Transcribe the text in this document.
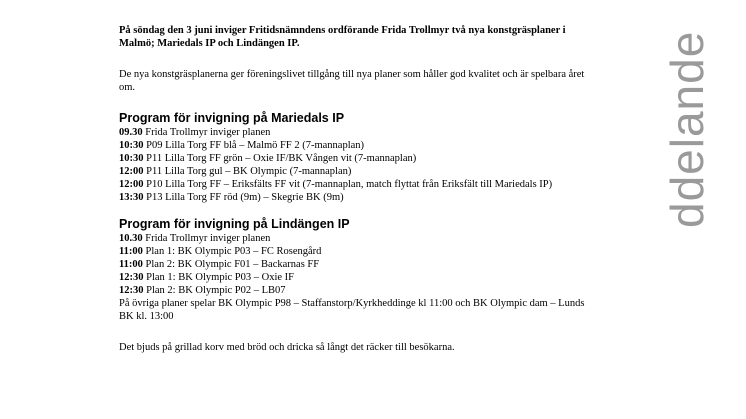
ddelande

På söndag den 3 juni inviger Fritidsnämndens ordförande Frida Trollmyr två nya konstgräsplaner i Malmö; Mariedals IP och Lindängen IP.

De nya konstgräsplanerna ger föreningslivet tillgång till nya planer som håller god kvalitet och är spelbara året om.

Program för invigning på Mariedals IP

09.30 Frida Trollmyr inviger planen

10:30 P09 Lilla Torg FF blå – Malmö FF 2 (7-mannaplan)

10:30 P11 Lilla Torg FF grön – Oxie IF/BK Vången vit (7-mannaplan)

12:00 P11 Lilla Torg gul – BK Olympic (7-mannaplan)

12:00 P10 Lilla Torg FF – Eriksfälts FF vit (7-mannaplan, match flyttat från Eriksfält till Mariedals IP)

13:30 P13 Lilla Torg FF röd (9m) – Skegrie BK (9m)

Program för invigning på Lindängen IP

10.30 Frida Trollmyr inviger planen

11:00 Plan 1: BK Olympic P03 – FC Rosengård

11:00 Plan 2: BK Olympic F01 – Backarnas FF

12:30 Plan 1: BK Olympic P03 – Oxie IF

12:30 Plan 2: BK Olympic P02 – LB07

På övriga planer spelar BK Olympic P98 – Staffanstorp/Kyrkheddinge kl 11:00 och BK Olympic dam – Lunds BK kl. 13:00

Det bjuds på grillad korv med bröd och dricka så långt det räcker till besökarna.
